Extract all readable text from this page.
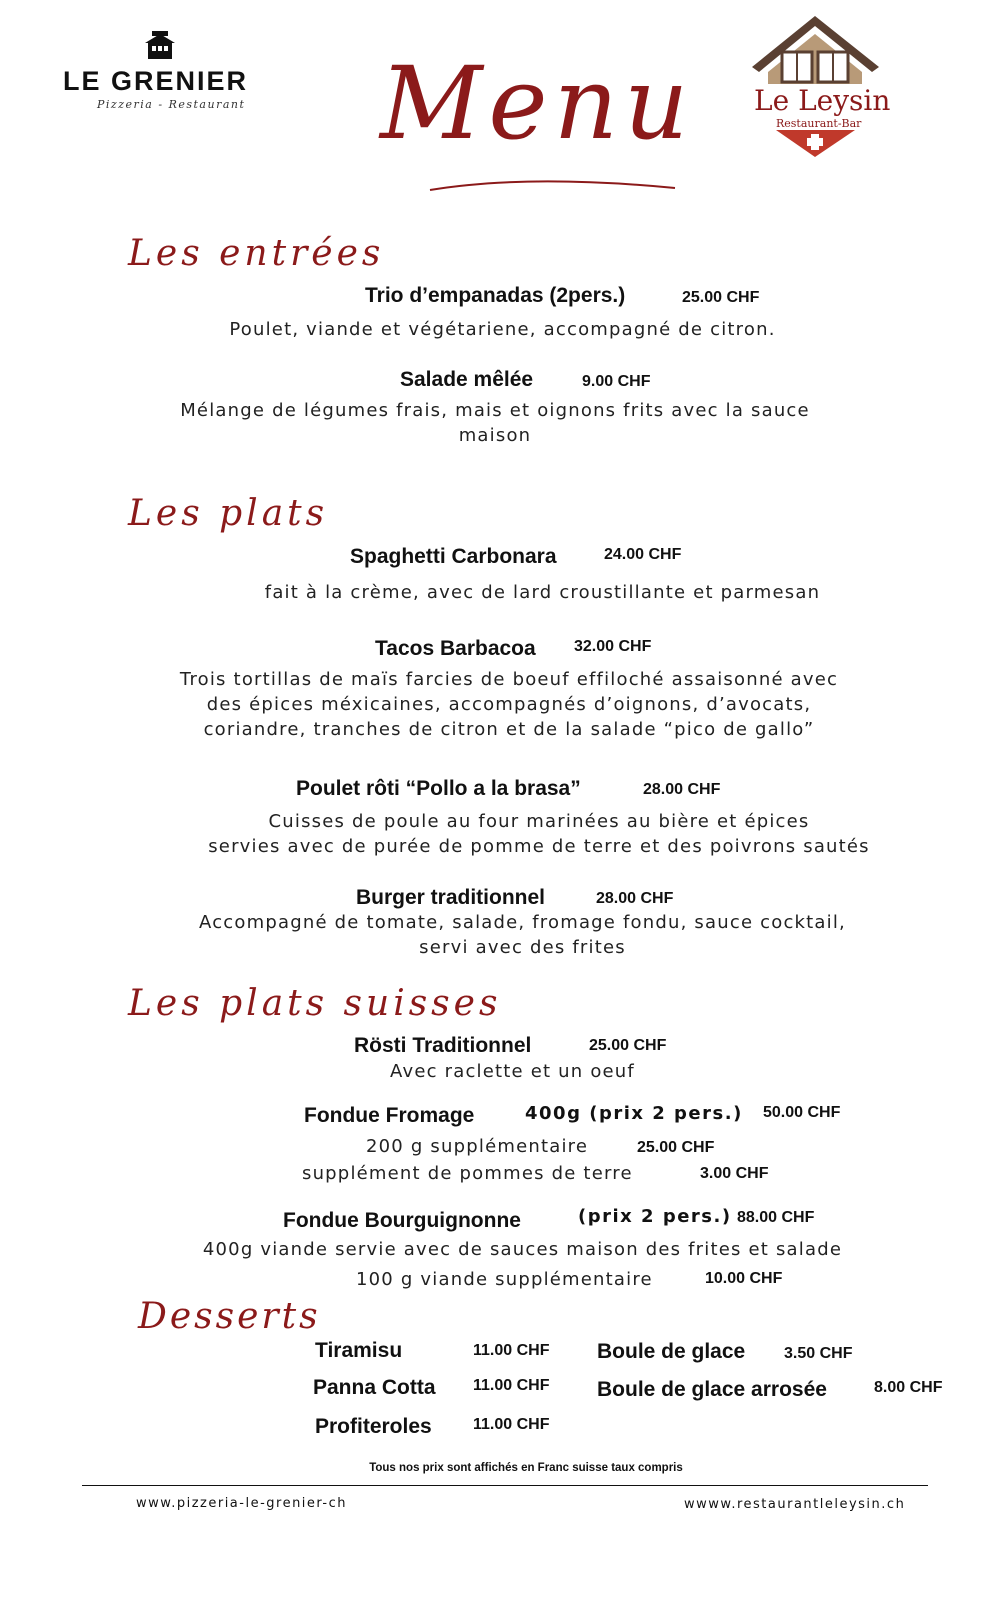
LE GRENIER
Pizzeria - Restaurant Menu Le Leysin
Restaurant-Bar
Les entrées
Trio d’empanadas (2pers.)	25.00 CHF
Poulet, viande et végétariene, accompagné de citron.
Salade mêlée	9.00 CHF
Mélange de légumes frais, mais et oignons frits avec la sauce
maison
Les plats
Spaghetti Carbonara	24.00 CHF
fait à la crème, avec de lard croustillante et parmesan
Tacos Barbacoa 32.00 CHF
Trois tortillas de maïs farcies de boeuf effiloché assaisonné avec
des épices méxicaines, accompagnés d’oignons, d’avocats,
coriandre, tranches de citron et de la salade “pico de gallo”
Poulet rôti “Pollo a la brasa”	28.00 CHF
Cuisses de poule au four marinées au bière et épices
servies avec de purée de pomme de terre et des poivrons sautés
Burger traditionnel	28.00 CHF
Accompagné de tomate, salade, fromage fondu, sauce cocktail,
servi avec des frites
Les plats suisses
Rösti Traditionnel	25.00 CHF
Avec raclette et un oeuf
Fondue Fromage	400g (prix 2 pers.) 50.00 CHF
200 g supplémentaire	25.00 CHF
supplément de pommes de terre	3.00 CHF
Fondue Bourguignonne	(prix 2 pers.) 88.00 CHF
400g viande servie avec de sauces maison des frites et salade
100 g viande supplémentaire	10.00 CHF
Desserts
Tiramisu	11.00 CHF
Panna Cotta 11.00 CHF
Profiteroles	11.00 CHF
Boule de glace 3.50 CHF
Boule de glace arrosée	8.00 CHF
Tous nos prix sont affichés en Franc suisse taux compris
www.pizzeria-le-grenier-ch	wwww.restaurantleleysin.ch
